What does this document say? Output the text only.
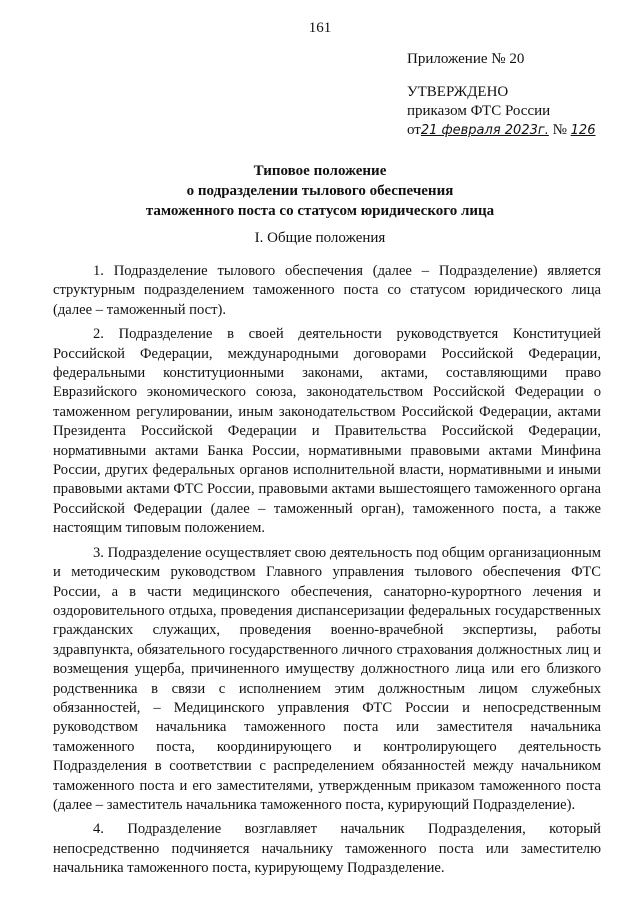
161
Приложение № 20
УТВЕРЖДЕНО
приказом ФТС России
от21 февраля 2023г. № 126
Типовое положение
о подразделении тылового обеспечения
таможенного поста со статусом юридического лица
I. Общие положения

1. Подразделение тылового обеспечения (далее – Подразделение) является структурным подразделением таможенного поста со статусом юридического лица (далее – таможенный пост).

2. Подразделение в своей деятельности руководствуется Конституцией Российской Федерации, международными договорами Российской Федерации, федеральными конституционными законами, актами, составляющими право Евразийского экономического союза, законодательством Российской Федерации о таможенном регулировании, иным законодательством Российской Федерации, актами Президента Российской Федерации и Правительства Российской Федерации, нормативными актами Банка России, нормативными правовыми актами Минфина России, других федеральных органов исполнительной власти, нормативными и иными правовыми актами ФТС России, правовыми актами вышестоящего таможенного органа Российской Федерации (далее – таможенный орган), таможенного поста, а также настоящим типовым положением.

3. Подразделение осуществляет свою деятельность под общим организационным и методическим руководством Главного управления тылового обеспечения ФТС России, а в части медицинского обеспечения, санаторно-курортного лечения и оздоровительного отдыха, проведения диспансеризации федеральных государственных гражданских служащих, проведения военно-врачебной экспертизы, работы здравпункта, обязательного государственного личного страхования должностных лиц и возмещения ущерба, причиненного имуществу должностного лица или его близкого родственника в связи с исполнением этим должностным лицом служебных обязанностей, – Медицинского управления ФТС России и непосредственным руководством начальника таможенного поста или заместителя начальника таможенного поста, координирующего и контролирующего деятельность Подразделения в соответствии с распределением обязанностей между начальником таможенного поста и его заместителями, утвержденным приказом таможенного поста (далее – заместитель начальника таможенного поста, курирующий Подразделение).

4. Подразделение возглавляет начальник Подразделения, который непосредственно подчиняется начальнику таможенного поста или заместителю начальника таможенного поста, курирующему Подразделение.
